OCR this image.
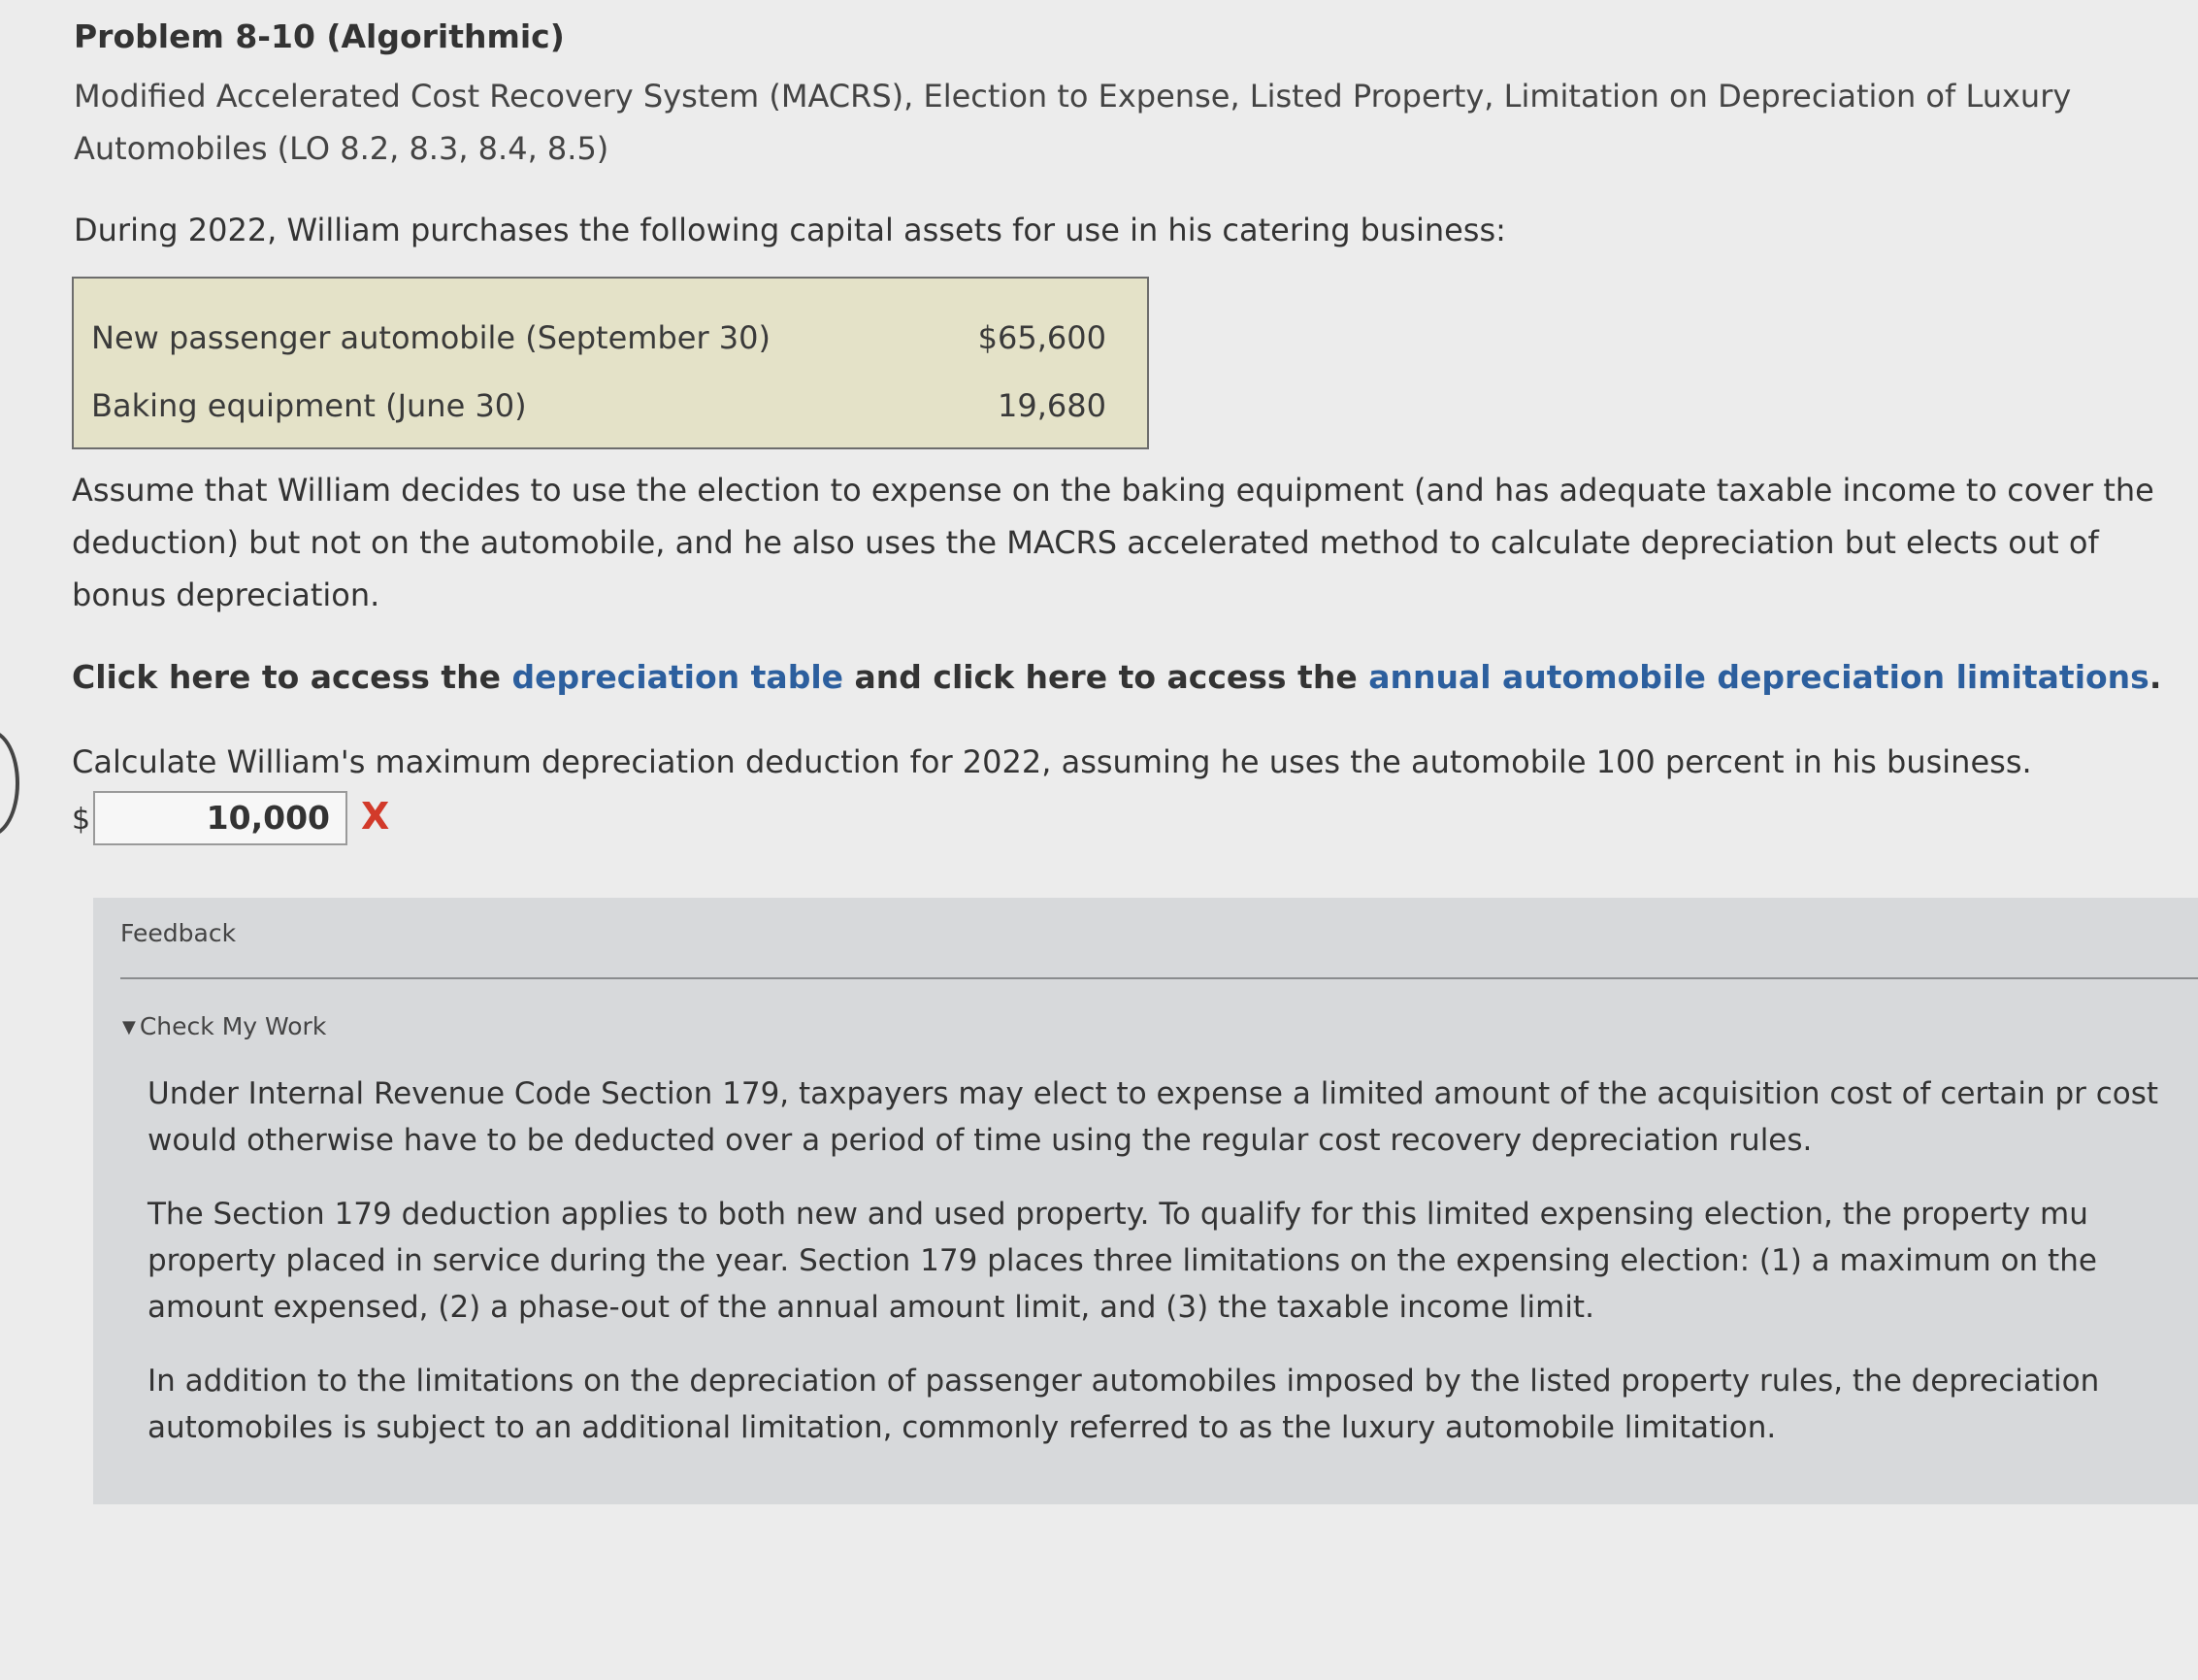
Problem 8-10 (Algorithmic)
Modified Accelerated Cost Recovery System (MACRS), Election to Expense, Listed Property, Limitation on Depreciation of Luxury Automobiles (LO 8.2, 8.3, 8.4, 8.5)
During 2022, William purchases the following capital assets for use in his catering business:
New passenger automobile (September 30)	$65,600
Baking equipment (June 30)	19,680
Assume that William decides to use the election to expense on the baking equipment (and has adequate taxable income to cover the deduction) but not on the automobile, and he also uses the MACRS accelerated method to calculate depreciation but elects out of bonus depreciation.
Click here to access the depreciation table and click here to access the annual automobile depreciation limitations.
Calculate William's maximum depreciation deduction for 2022, assuming he uses the automobile 100 percent in his business.
$	10,000 X
Feedback
▼ Check My Work
Under Internal Revenue Code Section 179, taxpayers may elect to expense a limited amount of the acquisition cost of certain pr cost would otherwise have to be deducted over a period of time using the regular cost recovery depreciation rules.
The Section 179 deduction applies to both new and used property. To qualify for this limited expensing election, the property mu property placed in service during the year. Section 179 places three limitations on the expensing election: (1) a maximum on the amount expensed, (2) a phase-out of the annual amount limit, and (3) the taxable income limit.
In addition to the limitations on the depreciation of passenger automobiles imposed by the listed property rules, the depreciation automobiles is subject to an additional limitation, commonly referred to as the luxury automobile limitation.
